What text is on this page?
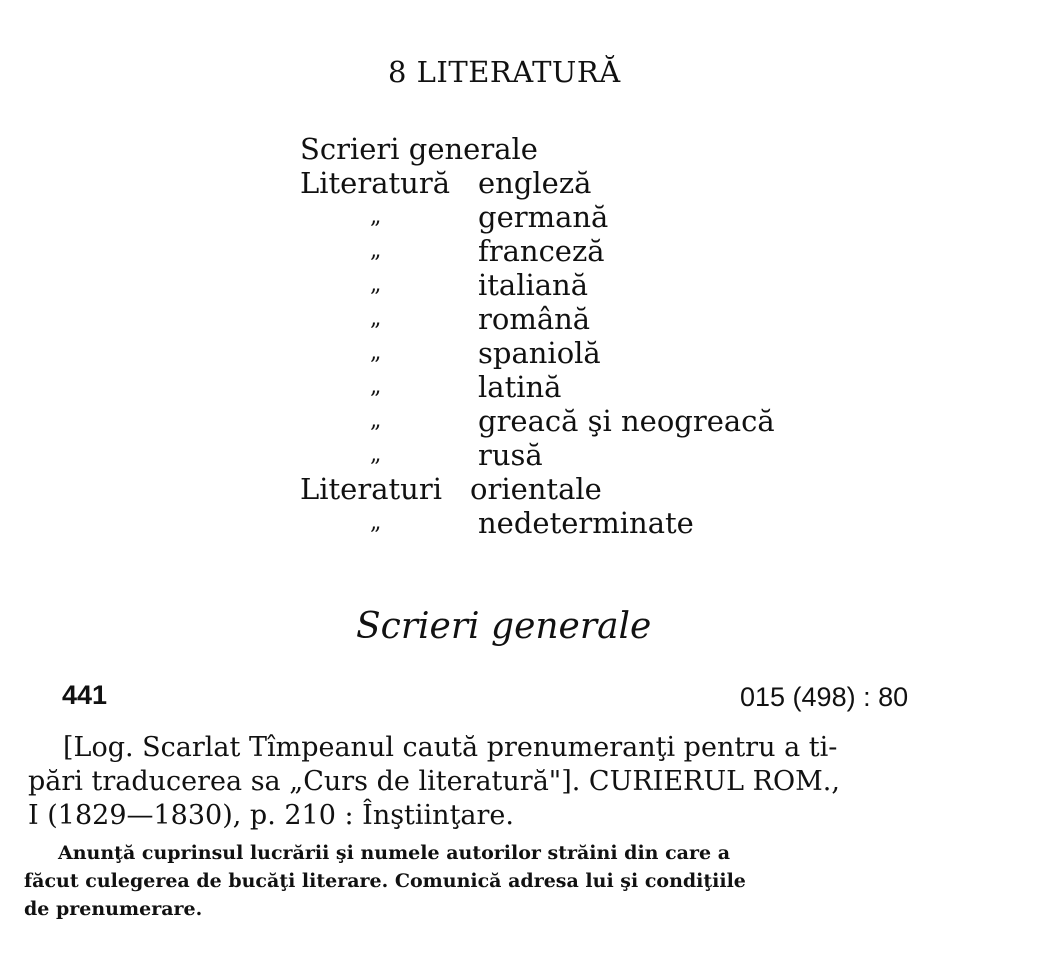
8 LITERATURĂ
Scrieri generale
Literatură engleză
„	germană
„	franceză
„	italiană
„	română
„	spaniolă
„	latină
„	greacă şi neogreacă
„	rusă
Literaturi orientale
„	nedeterminate
Scrieri generale
441	015 (498) : 80
[Log. Scarlat Tîmpeanul caută prenumeranţi pentru a ti-
pări traducerea sa „Curs de literatură"]. CURIERUL ROM.,
I (1829—1830), p. 210 : Înştiinţare.
Anunţă cuprinsul lucrării şi numele autorilor străini din care a
făcut culegerea de bucăţi literare. Comunică adresa lui şi condiţiile
de prenumerare.
